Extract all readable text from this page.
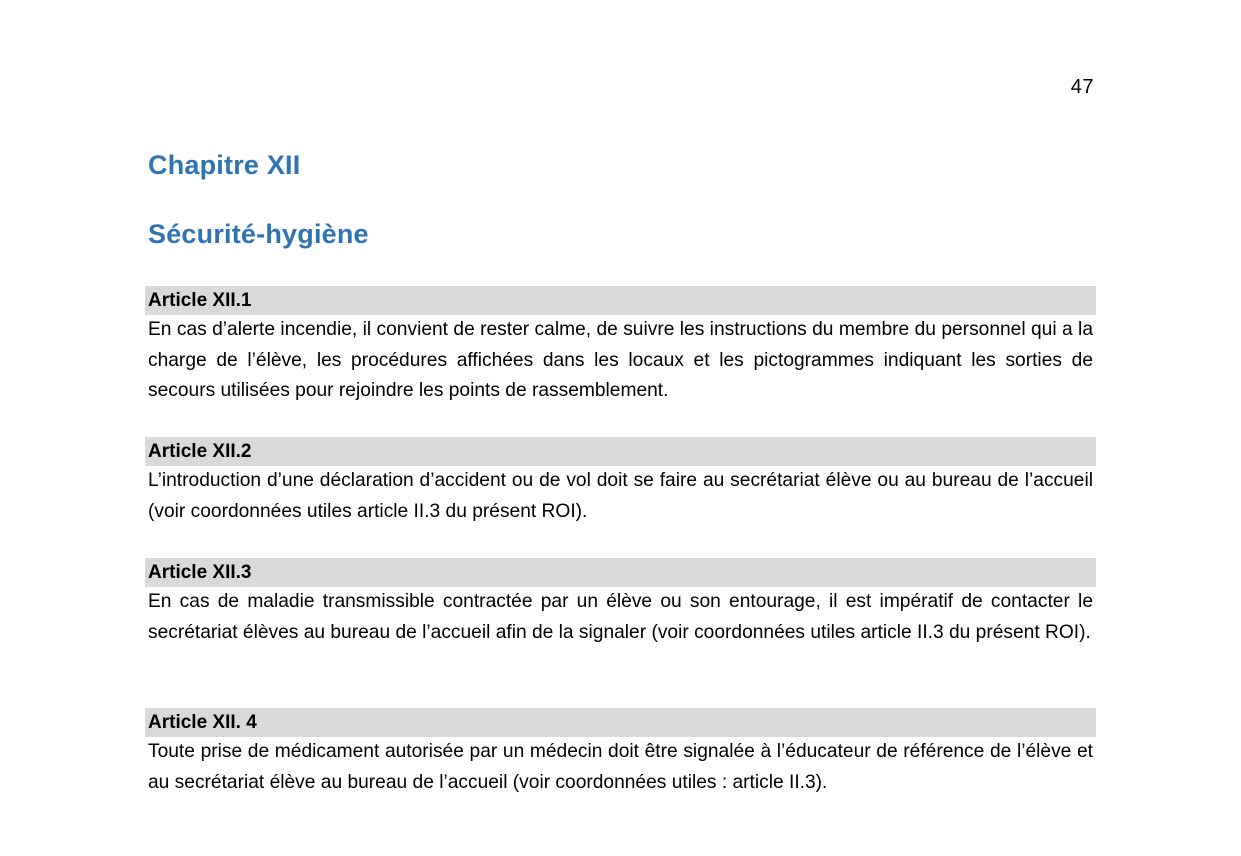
47
Chapitre XII
Sécurité-hygiène
Article XII.1

En cas d’alerte incendie, il convient de rester calme, de suivre les instructions du membre du personnel qui a la charge de l’élève, les procédures affichées dans les locaux et les pictogrammes indiquant les sorties de secours utilisées pour rejoindre les points de rassemblement.

Article XII.2

L’introduction d’une déclaration d’accident ou de vol doit se faire au secrétariat élève ou au bureau de l’accueil (voir coordonnées utiles article II.3 du présent ROI).

Article XII.3

En cas de maladie transmissible contractée par un élève ou son entourage, il est impératif de contacter le secrétariat élèves au bureau de l’accueil afin de la signaler (voir coordonnées utiles article II.3 du présent ROI).

Article XII. 4

Toute prise de médicament autorisée par un médecin doit être signalée à l’éducateur de référence de l’élève et au secrétariat élève au bureau de l’accueil (voir coordonnées utiles : article II.3).
